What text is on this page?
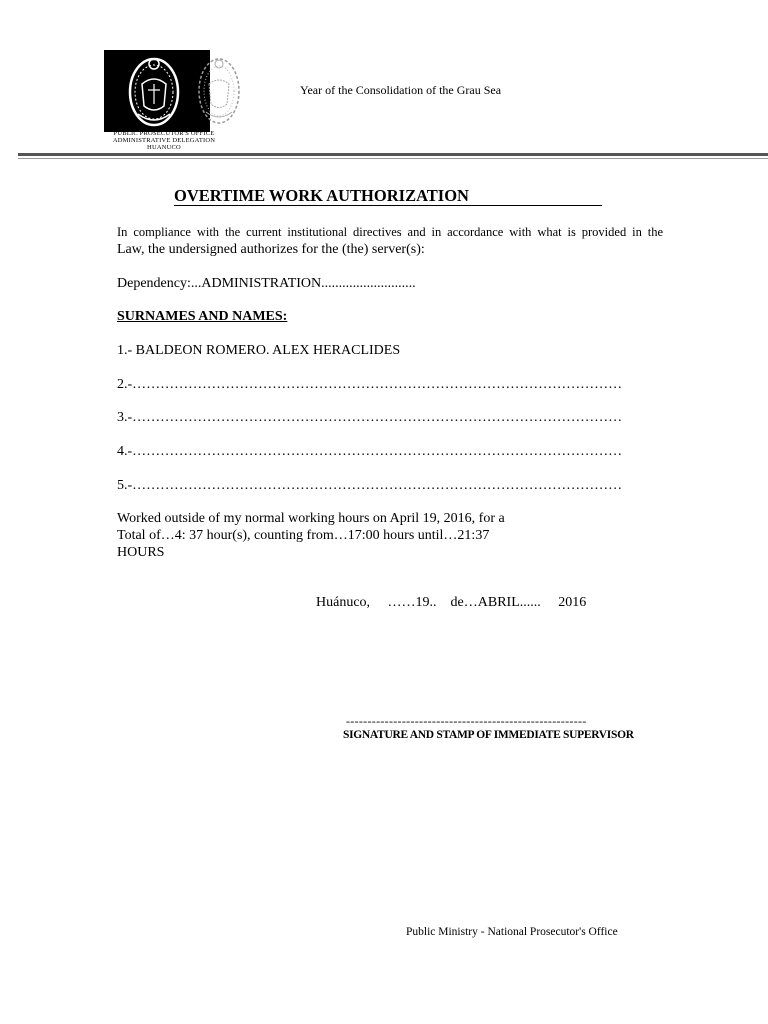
PUBLIC PROSECUTOR'S OFFICE
ADMINISTRATIVE DELEGATION
HUANUCO
Year of the Consolidation of the Grau Sea
OVERTIME WORK AUTHORIZATION
In compliance with the current institutional directives and in accordance with what is provided in the
Law, the undersigned authorizes for the (the) server(s):
Dependency:...ADMINISTRATION...........................
SURNAMES AND NAMES:
1.- BALDEON ROMERO. ALEX HERACLIDES
2.-……………………………………………………………………………………………
3.-……………………………………………………………………………………………
4.-……………………………………………………………………………………………
5.-……………………………………………………………………………………………
Worked outside of my normal working hours on April 19, 2016, for a
Total of…4: 37 hour(s), counting from…17:00 hours until…21:37
HOURS
Huánuco,     ……19..    de…ABRIL......     2016
--------------------------------------------------------
SIGNATURE AND STAMP OF IMMEDIATE SUPERVISOR
Public Ministry - National Prosecutor's Office
